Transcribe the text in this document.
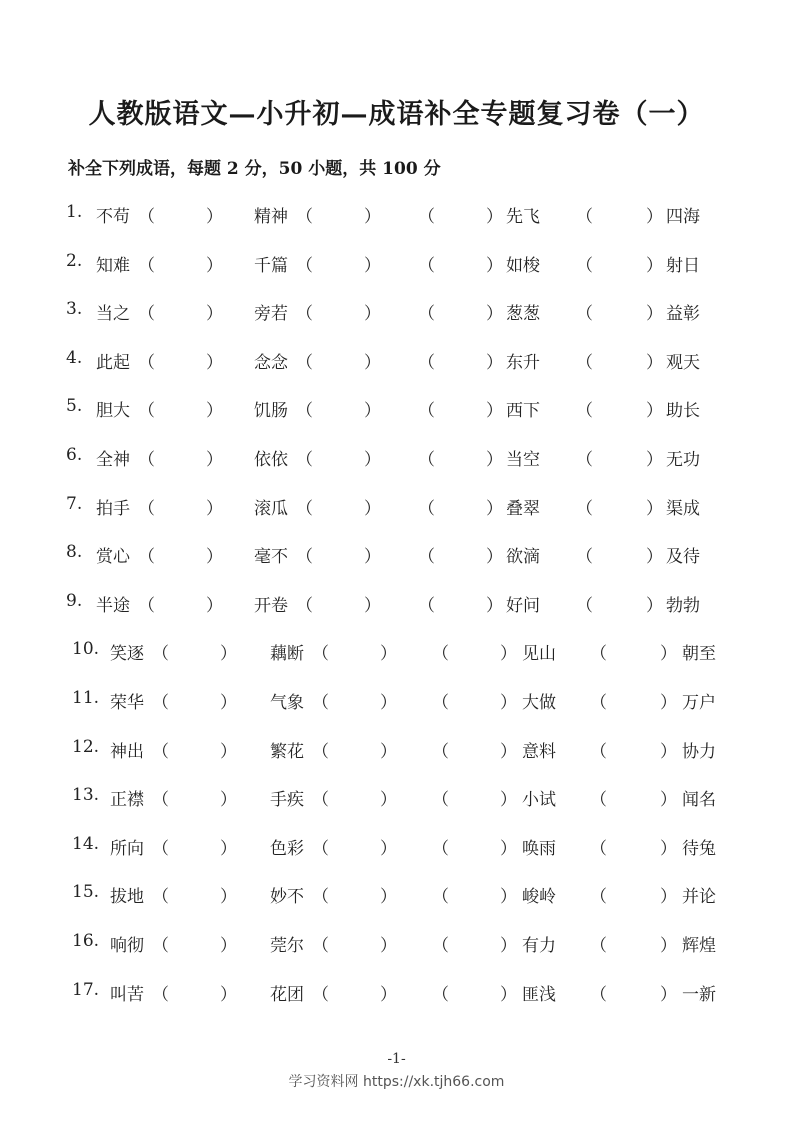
人教版语文—小升初—成语补全专题复习卷（一）
补全下列成语，每题 2 分，50 小题，共 100 分
1. 不苟 （	） 精神 （	） （	） 先飞 （	） 四海
2. 知难 （	） 千篇 （	） （	） 如梭 （	） 射日
3. 当之 （	） 旁若 （	） （	） 葱葱 （	） 益彰
4. 此起 （	） 念念 （	） （	） 东升 （	） 观天
5. 胆大 （	） 饥肠 （	） （	） 西下 （	） 助长
6. 全神 （	） 依依 （	） （	） 当空 （	） 无功
7. 拍手 （	） 滚瓜 （	） （	） 叠翠 （	） 渠成
8. 赏心 （	） 毫不 （	） （	） 欲滴 （	） 及待
9. 半途 （	） 开卷 （	） （	） 好问 （	） 勃勃
10. 笑逐 （	） 藕断 （	） （	） 见山 （	） 朝至
11. 荣华 （	） 气象 （	） （	） 大做 （	） 万户
12. 神出 （	） 繁花 （	） （	） 意料 （	） 协力
13. 正襟 （	） 手疾 （	） （	） 小试 （	） 闻名
14. 所向 （	） 色彩 （	） （	） 唤雨 （	） 待兔
15. 拔地 （	） 妙不 （	） （	） 峻岭 （	） 并论
16. 响彻 （	） 莞尔 （	） （	） 有力 （	） 辉煌
17. 叫苦 （	） 花团 （	） （	） 匪浅 （	） 一新
-1-
学习资料网 https://xk.tjh66.com
